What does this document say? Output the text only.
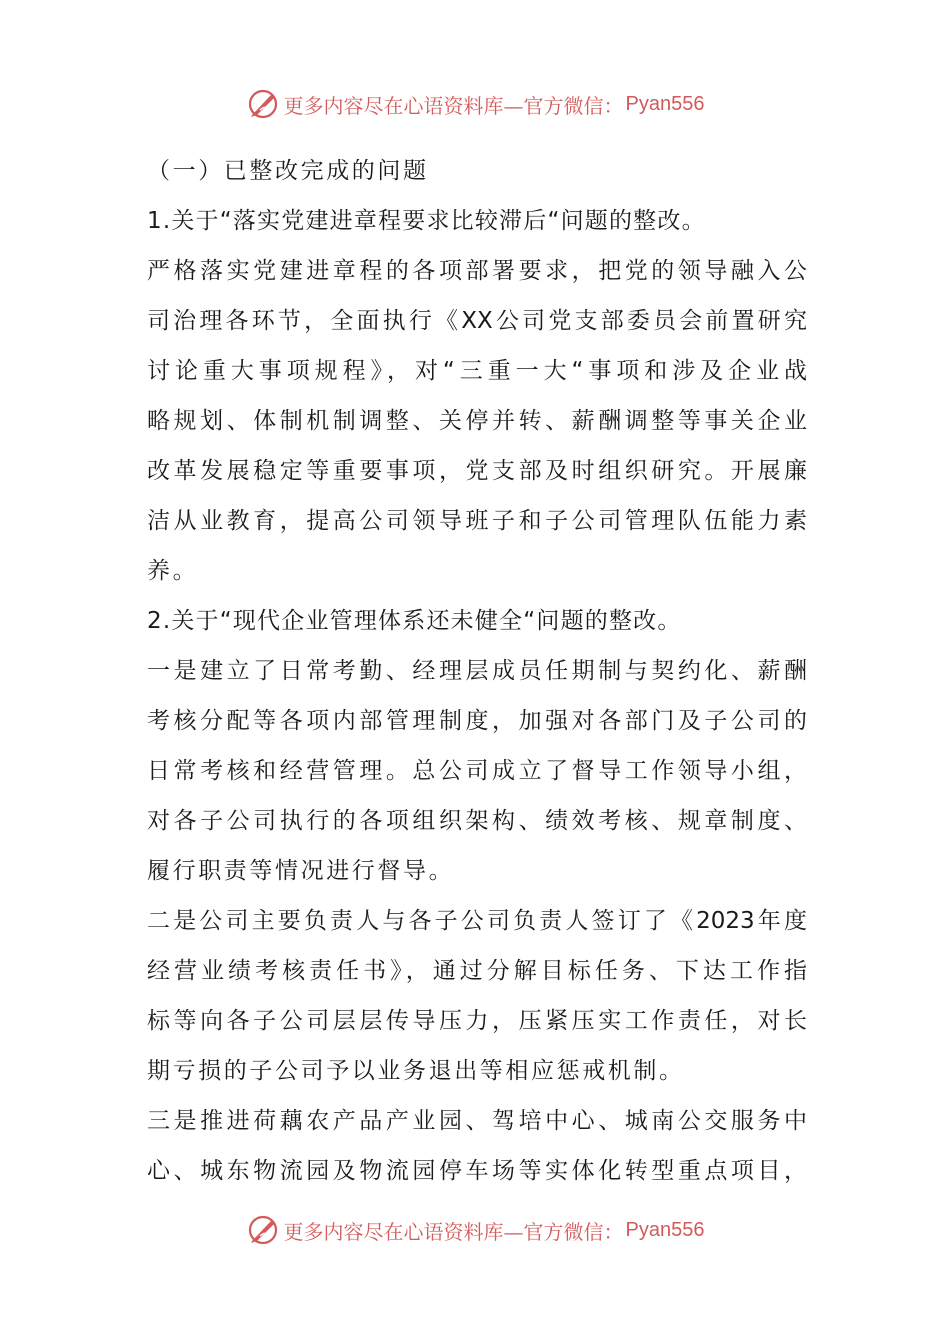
更多内容尽在心语资料库—官方微信： Pyan556
（一）已整改完成的问题
1.关于“落实党建进章程要求比较滞后“问题的整改。
严格落实党建进章程的各项部署要求，把党的领导融入公
司治理各环节，全面执行《XX公司党支部委员会前置研究
讨论重大事项规程》，对“三重一大“事项和涉及企业战
略规划、体制机制调整、关停并转、薪酬调整等事关企业
改革发展稳定等重要事项，党支部及时组织研究。开展廉
洁从业教育，提高公司领导班子和子公司管理队伍能力素
养。
2.关于“现代企业管理体系还未健全“问题的整改。
一是建立了日常考勤、经理层成员任期制与契约化、薪酬
考核分配等各项内部管理制度，加强对各部门及子公司的
日常考核和经营管理。总公司成立了督导工作领导小组，
对各子公司执行的各项组织架构、绩效考核、规章制度、
履行职责等情况进行督导。
二是公司主要负责人与各子公司负责人签订了《2023年度
经营业绩考核责任书》，通过分解目标任务、下达工作指
标等向各子公司层层传导压力，压紧压实工作责任，对长
期亏损的子公司予以业务退出等相应惩戒机制。
三是推进荷藕农产品产业园、驾培中心、城南公交服务中
心、城东物流园及物流园停车场等实体化转型重点项目，
更多内容尽在心语资料库—官方微信： Pyan556
